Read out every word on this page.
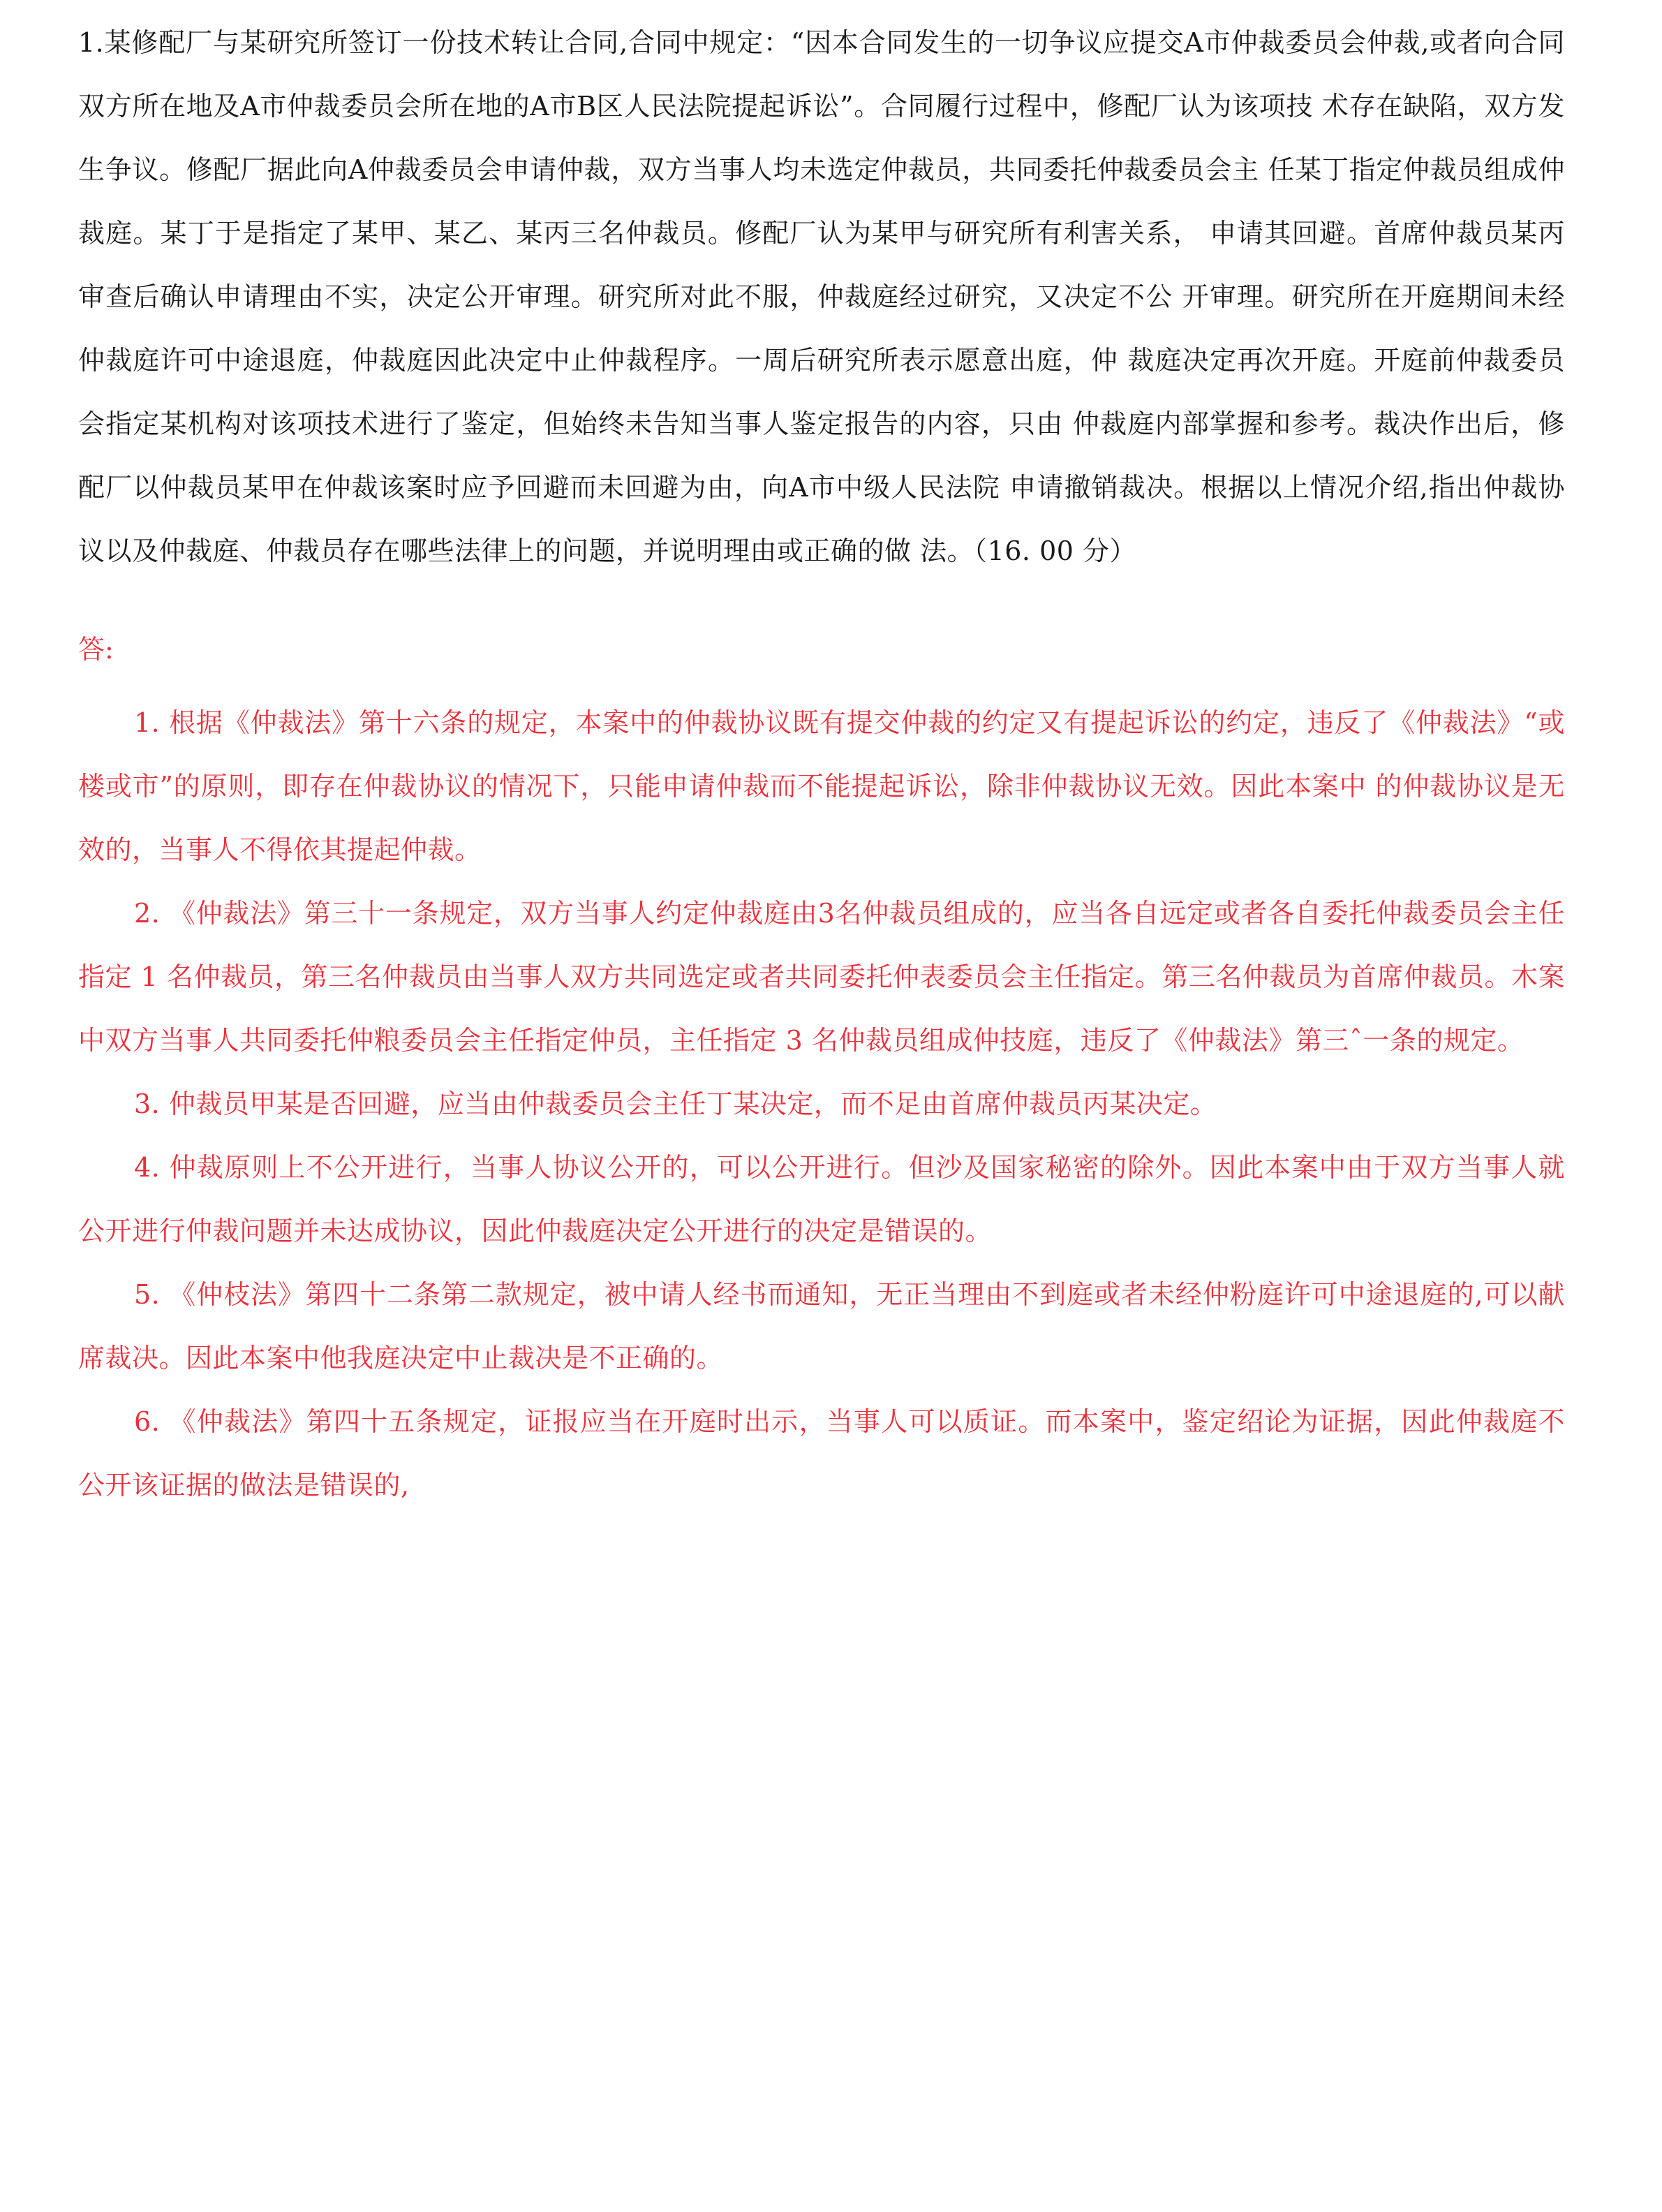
1.某修配厂与某研究所签订一份技术转让合同,合同中规定：“因本合同发生的一切争议应提交A市仲裁委员会仲裁,或者向合同双方所在地及A市仲裁委员会所在地的A市B区人民法院提起诉讼”。合同履行过程中，修配厂认为该项技 术存在缺陷，双方发生争议。修配厂据此向A仲裁委员会申请仲裁，双方当事人均未选定仲裁员，共同委托仲裁委员会主 任某丁指定仲裁员组成仲裁庭。某丁于是指定了某甲、某乙、某丙三名仲裁员。修配厂认为某甲与研究所有利害关系， 申请其回避。首席仲裁员某丙审查后确认申请理由不实，决定公开审理。研究所对此不服，仲裁庭经过研究，又决定不公 开审理。研究所在开庭期间未经仲裁庭许可中途退庭，仲裁庭因此决定中止仲裁程序。一周后研究所表示愿意出庭，仲 裁庭决定再次开庭。开庭前仲裁委员会指定某机构对该项技术进行了鉴定，但始终未告知当事人鉴定报告的内容，只由 仲裁庭内部掌握和参考。裁决作出后，修配厂以仲裁员某甲在仲裁该案时应予回避而未回避为由，向A市中级人民法院 申请撤销裁决。根据以上情况介绍,指出仲裁协议以及仲裁庭、仲裁员存在哪些法律上的问题，并说明理由或正确的做 法。（16. 00 分）

答:

1. 根据《仲裁法》第十六条的规定，本案中的仲裁协议既有提交仲裁的约定又有提起诉讼的约定，违反了《仲裁法》“或楼或市”的原则，即存在仲裁协议的情况下，只能申请仲裁而不能提起诉讼，除非仲裁协议无效。因此本案中 的仲裁协议是无效的，当事人不得依其提起仲裁。

2. 《仲裁法》第三十一条规定，双方当事人约定仲裁庭由3名仲裁员组成的，应当各自远定或者各自委托仲裁委员会主任指定 1 名仲裁员，第三名仲裁员由当事人双方共同选定或者共同委托仲表委员会主任指定。第三名仲裁员为首席仲裁员。木案中双方当事人共同委托仲粮委员会主任指定仲员，主任指定 3 名仲裁员组成仲技庭，违反了《仲裁法》第三ˆ一条的规定。

3. 仲裁员甲某是否回避，应当由仲裁委员会主任丁某决定，而不足由首席仲裁员丙某决定。

4. 仲裁原则上不公开进行，当事人协议公开的，可以公开进行。但沙及国家秘密的除外。因此本案中由于双方当事人就公开进行仲裁问题并未达成协议，因此仲裁庭决定公开进行的决定是错误的。

5. 《仲枝法》第四十二条第二款规定，被中请人经书而通知，无正当理由不到庭或者未经仲粉庭许可中途退庭的,可以献席裁决。因此本案中他我庭决定中止裁决是不正确的。

6. 《仲裁法》第四十五条规定，证报应当在开庭时出示，当事人可以质证。而本案中，鉴定绍论为证据，因此仲裁庭不公开该证据的做法是错误的,
